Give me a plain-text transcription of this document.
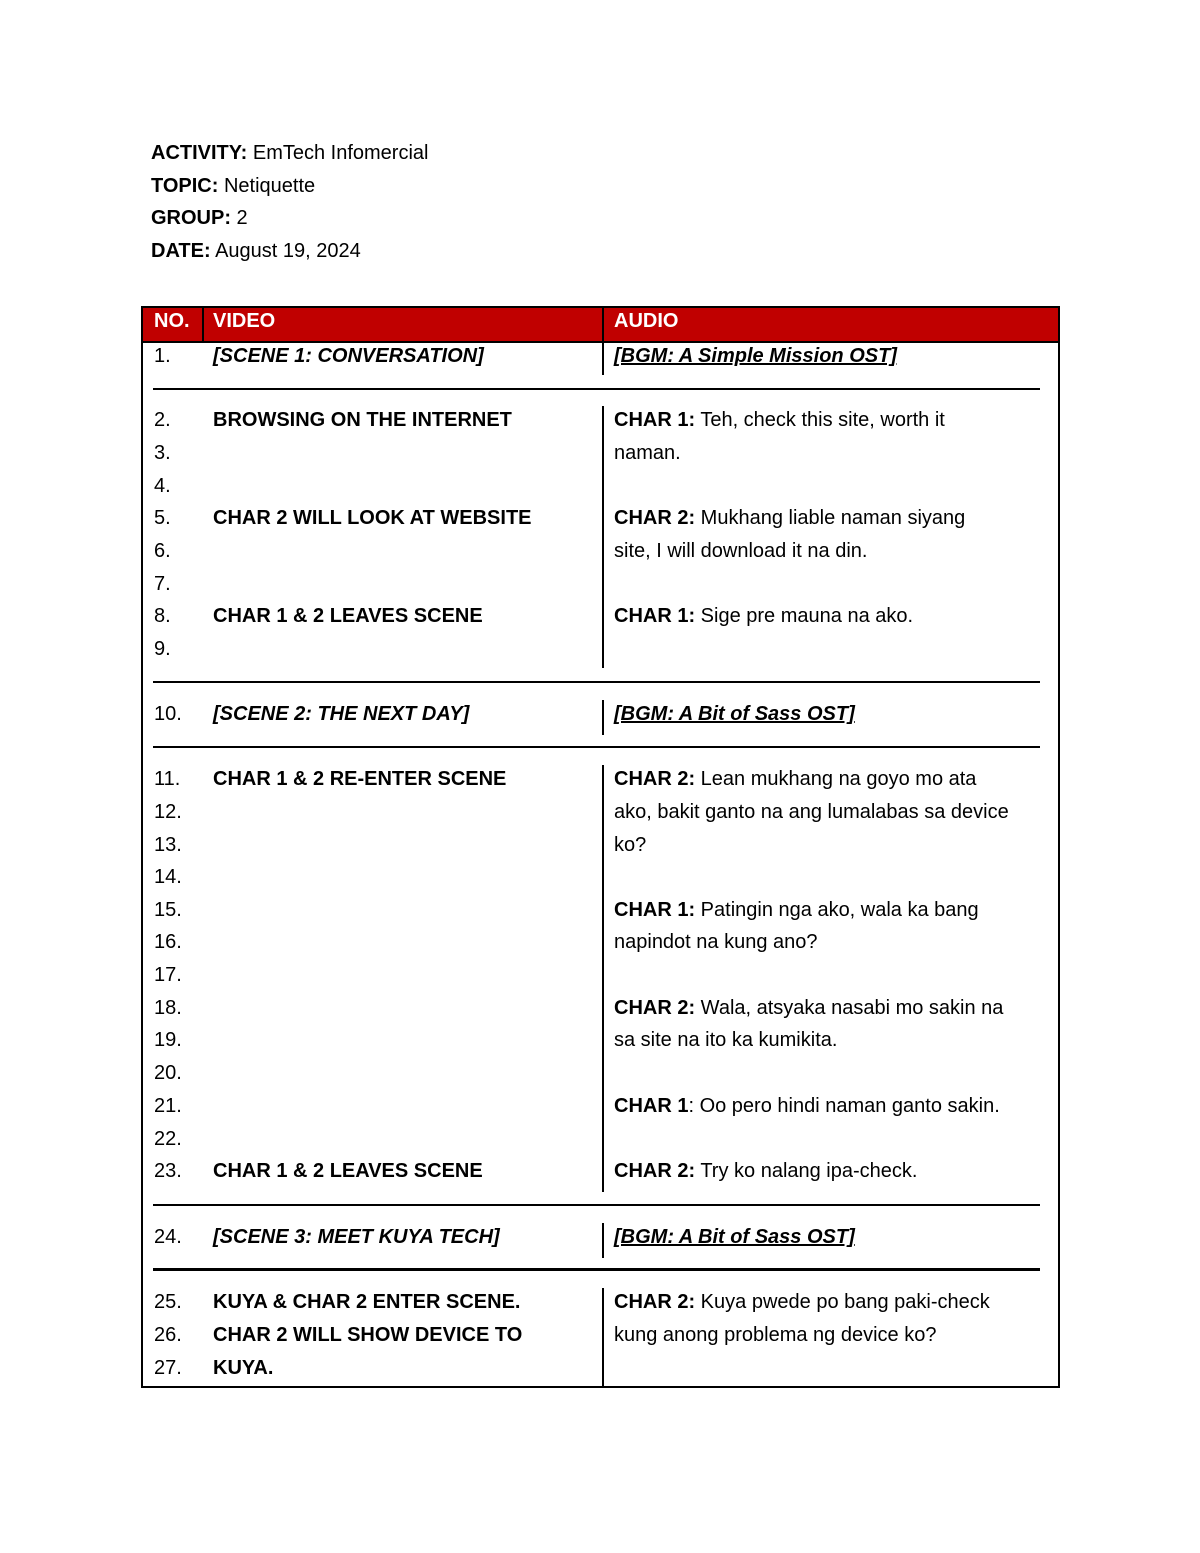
ACTIVITY: EmTech Infomercial
TOPIC: Netiquette
GROUP: 2
DATE: August 19, 2024
NO. VIDEO	AUDIO
1.
2.
3.
4.
5.
6.
7.
8.
9.
10.
11.
12.
13.
14.
15.
16.
17.
18.
19.
20.
21.
22.
23.
24.
25.
26.
27.
[SCENE 1: CONVERSATION]
BROWSING ON THE INTERNET
CHAR 2 WILL LOOK AT WEBSITE
CHAR 1 & 2 LEAVES SCENE
[SCENE 2: THE NEXT DAY]
CHAR 1 & 2 RE-ENTER SCENE
CHAR 1 & 2 LEAVES SCENE
[SCENE 3: MEET KUYA TECH]
KUYA & CHAR 2 ENTER SCENE.
CHAR 2 WILL SHOW DEVICE TO
KUYA.
[BGM: A Simple Mission OST]
CHAR 1: Teh, check this site, worth it
naman.
CHAR 2: Mukhang liable naman siyang
site, I will download it na din.
CHAR 1: Sige pre mauna na ako.
[BGM: A Bit of Sass OST]
CHAR 2: Lean mukhang na goyo mo ata
ako, bakit ganto na ang lumalabas sa device
ko?
CHAR 1: Patingin nga ako, wala ka bang
napindot na kung ano?
CHAR 2: Wala, atsyaka nasabi mo sakin na
sa site na ito ka kumikita.
CHAR 1: Oo pero hindi naman ganto sakin.
CHAR 2: Try ko nalang ipa-check.
[BGM: A Bit of Sass OST]
CHAR 2: Kuya pwede po bang paki-check
kung anong problema ng device ko?
